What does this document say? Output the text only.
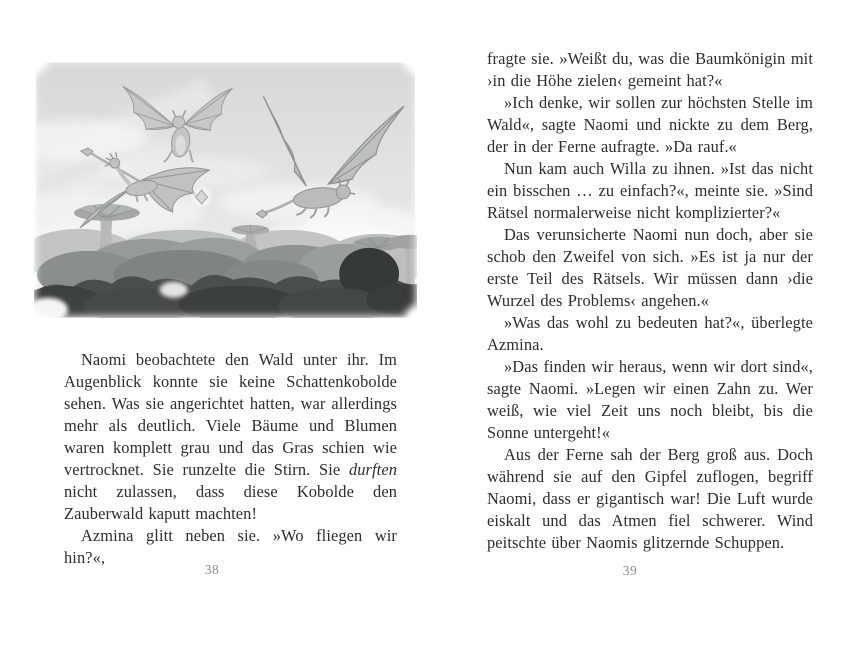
Naomi beobachtete den Wald unter ihr. Im Augenblick konnte sie keine Schattenkobolde sehen. Was sie angerichtet hatten, war allerdings mehr als deutlich. Viele Bäume und Blumen waren komplett grau und das Gras schien wie vertrocknet. Sie runzelte die Stirn. Sie durften nicht zulassen, dass diese Kobolde den Zauberwald kaputt machten!

Azmina glitt neben sie. »Wo fliegen wir hin?«,

38

fragte sie. »Weißt du, was die Baumkönigin mit ›in die Höhe zielen‹ gemeint hat?«

»Ich denke, wir sollen zur höchsten Stelle im Wald«, sagte Naomi und nickte zu dem Berg, der in der Ferne aufragte. »Da rauf.«

Nun kam auch Willa zu ihnen. »Ist das nicht ein bisschen … zu einfach?«, meinte sie. »Sind Rätsel normalerweise nicht komplizierter?«

Das verunsicherte Naomi nun doch, aber sie schob den Zweifel von sich. »Es ist ja nur der erste Teil des Rätsels. Wir müssen dann ›die Wurzel des Problems‹ angehen.«

»Was das wohl zu bedeuten hat?«, überlegte Azmina.

»Das finden wir heraus, wenn wir dort sind«, sagte Naomi. »Legen wir einen Zahn zu. Wer weiß, wie viel Zeit uns noch bleibt, bis die Sonne untergeht!«

Aus der Ferne sah der Berg groß aus. Doch während sie auf den Gipfel zuflogen, begriff Naomi, dass er gigantisch war! Die Luft wurde eiskalt und das Atmen fiel schwerer. Wind peitschte über Naomis glitzernde Schuppen.

39
